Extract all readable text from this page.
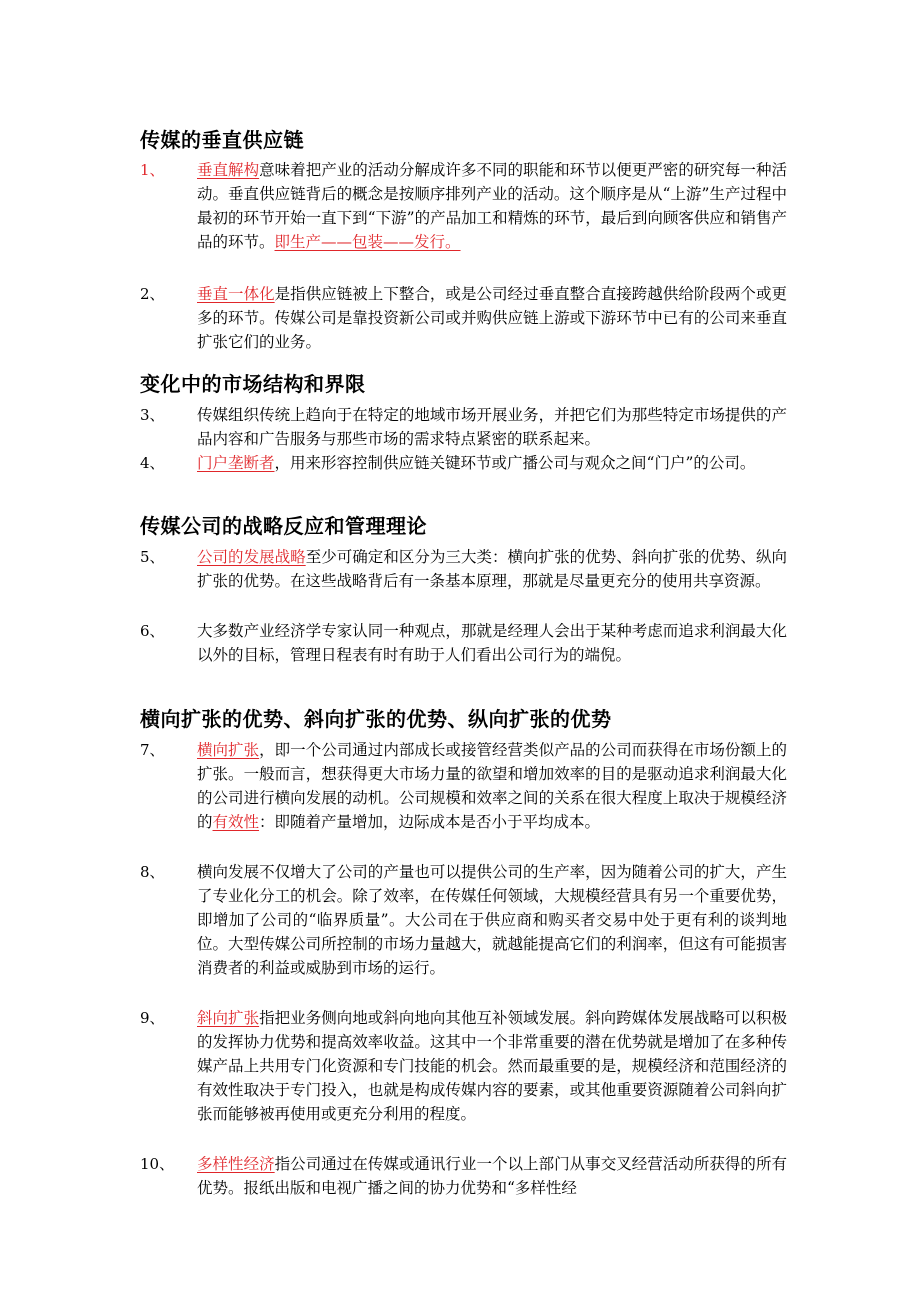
传媒的垂直供应链
1、	垂直解构意味着把产业的活动分解成许多不同的职能和环节以便更严密的研究每一种活动。垂直供应链背后的概念是按顺序排列产业的活动。这个顺序是从“上游”生产过程中最初的环节开始一直下到“下游”的产品加工和精炼的环节，最后到向顾客供应和销售产品的环节。即生产——包装——发行。
2、	垂直一体化是指供应链被上下整合，或是公司经过垂直整合直接跨越供给阶段两个或更多的环节。传媒公司是靠投资新公司或并购供应链上游或下游环节中已有的公司来垂直扩张它们的业务。
变化中的市场结构和界限
3、	传媒组织传统上趋向于在特定的地域市场开展业务，并把它们为那些特定市场提供的产品内容和广告服务与那些市场的需求特点紧密的联系起来。
4、	门户垄断者，用来形容控制供应链关键环节或广播公司与观众之间“门户”的公司。
传媒公司的战略反应和管理理论
5、	公司的发展战略至少可确定和区分为三大类：横向扩张的优势、斜向扩张的优势、纵向扩张的优势。在这些战略背后有一条基本原理，那就是尽量更充分的使用共享资源。
6、	大多数产业经济学专家认同一种观点，那就是经理人会出于某种考虑而追求利润最大化以外的目标，管理日程表有时有助于人们看出公司行为的端倪。
横向扩张的优势、斜向扩张的优势、纵向扩张的优势
7、	横向扩张，即一个公司通过内部成长或接管经营类似产品的公司而获得在市场份额上的扩张。一般而言，想获得更大市场力量的欲望和增加效率的目的是驱动追求利润最大化的公司进行横向发展的动机。公司规模和效率之间的关系在很大程度上取决于规模经济的有效性：即随着产量增加，边际成本是否小于平均成本。
8、	横向发展不仅增大了公司的产量也可以提供公司的生产率，因为随着公司的扩大，产生了专业化分工的机会。除了效率，在传媒任何领域，大规模经营具有另一个重要优势，即增加了公司的“临界质量”。大公司在于供应商和购买者交易中处于更有利的谈判地位。大型传媒公司所控制的市场力量越大，就越能提高它们的利润率，但这有可能损害消费者的利益或威胁到市场的运行。
9、	斜向扩张指把业务侧向地或斜向地向其他互补领域发展。斜向跨媒体发展战略可以积极的发挥协力优势和提高效率收益。这其中一个非常重要的潜在优势就是增加了在多种传媒产品上共用专门化资源和专门技能的机会。然而最重要的是，规模经济和范围经济的有效性取决于专门投入，也就是构成传媒内容的要素，或其他重要资源随着公司斜向扩张而能够被再使用或更充分利用的程度。
10、	多样性经济指公司通过在传媒或通讯行业一个以上部门从事交叉经营活动所获得的所有优势。报纸出版和电视广播之间的协力优势和“多样性经
